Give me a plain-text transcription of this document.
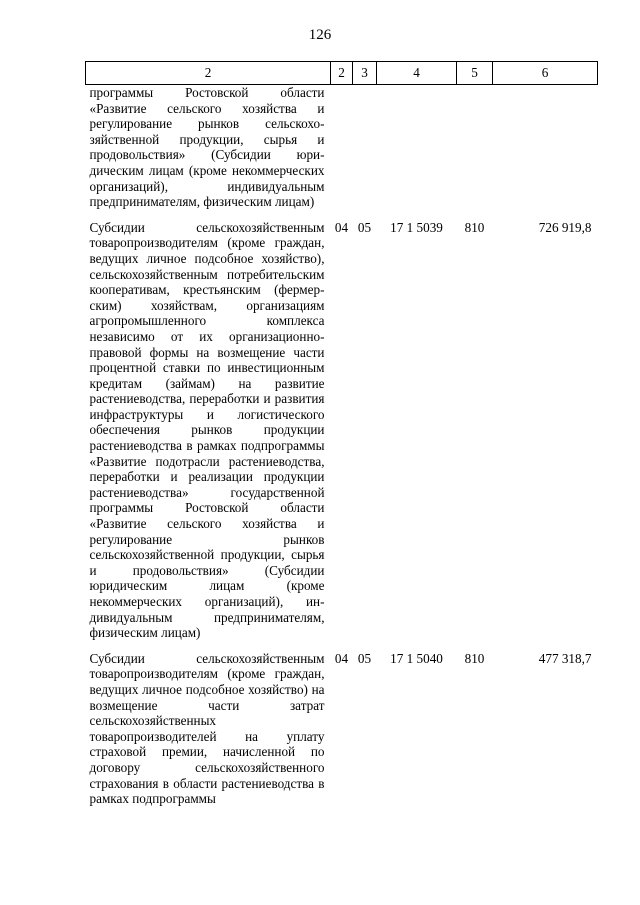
126
2	2	3	4	5	6
программы Ростовской области «Развитие сельского хозяйства и регулирование рынков сельскохозяйственной продукции, сырья и продовольствия» (Субсидии юридическим лицам (кроме некоммерческих организаций), индивидуальным предпринимателям, физическим лицам)					
Субсидии сельскохозяйственным товаропроизводителям (кроме граждан, ведущих личное подсобное хозяйство), сельскохозяйственным потребительским кооперативам, крестьянским (фермерским) хозяйствам, организациям агропромышленного комплекса независимо от их организационно-правовой формы на возмещение части процентной ставки по инвестиционным кредитам (займам) на развитие растениеводства, переработки и развития инфраструктуры и логистического обеспечения рынков продукции растениеводства в рамках подпрограммы «Развитие подотрасли растениеводства, переработки и реализации продукции растениеводства» государственной программы Ростовской области «Развитие сельского хозяйства и регулирование рынков сельскохозяйственной продукции, сырья и продовольствия» (Субсидии юридическим лицам (кроме некоммерческих организаций), индивидуальным предпринимателям, физическим лицам)	04	05	17 1 5039	810	726 919,8
Субсидии сельскохозяйственным товаропроизводителям (кроме граждан, ведущих личное подсобное хозяйство) на возмещение части затрат сельскохозяйственных товаропроизводителей на уплату страховой премии, начисленной по договору сельскохозяйственного страхования в области растениеводства в рамках подпрограммы	04	05	17 1 5040	810	477 318,7
